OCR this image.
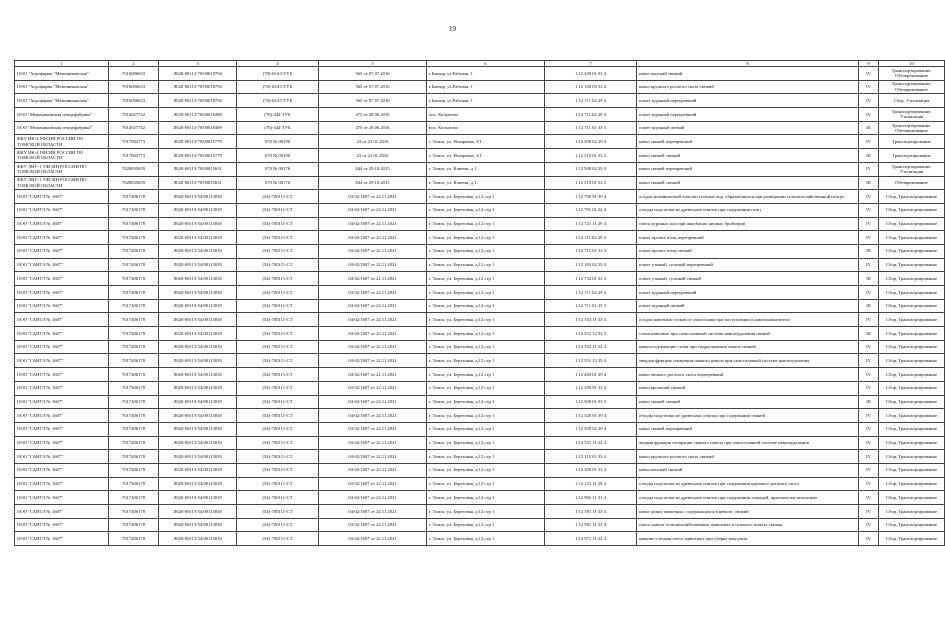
19
1	2	3	4	5	6	7	8	9	10
ООО "Агрофирма "Межениновская"	7016006633	Л020-00113-70/00018794	(70)-654-СТУБ	565 от 07.07.2016	г.Бакчар, ул.Рабочая, 1	1 12 200 01 33 4	навоз конский свежий	IV	Транспортирование, Обезвреживание
ООО "Агрофирма "Межениновская"	7016006633	Л020-00113-70/00018794	(70)-654-СТУБ	565 от 07.07.2016	г.Бакчар, ул.Рабочая, 1	1 12 100 03 33 4	навоз крупного рогатого скота свежий	IV	Транспортирование, Обезвреживание
ООО "Агрофирма "Межениновская"	7016006633	Л020-00113-70/00018794	(70)-654-СТУБ	565 от 07.07.2016	г.Бакчар, ул.Рабочая, 1	1 12 711 02 29 4	помет куриный перепревший	IV	Сбор, Утилизация
ООО "Межениновская птицефабрика"	7014027742	Л020-00113-70/00018489	(70)-444-ТУБ	475 от 28.06.2016	пос. Копылово	1 12 711 02 29 4	помет куриный перепревший	IV	Транспортирование, Утилизация
ООО "Межениновская птицефабрика"	7014027742	Л020-00113-70/00018489	(70)-444-ТУБ	475 от 28.06.2016	пос. Копылово	1 12 711 01 33 3	помет куриный свежий	III	Транспортирование, Обезвреживание
ФКУ ИК-4 УФСИН РОССИИ ПО ТОМСКОЙ ОБЛАСТИ	7017004773	Л020-00113-70/00015779	070 № 00190	23 от 21.01.2016	г. Томск, ул. Назаровка, 3/1	1 12 500 02 29 4	навоз свиней перепревший	IV	Транспортирование
ФКУ ИК-4 УФСИН РОССИИ ПО ТОМСКОЙ ОБЛАСТИ	7017004773	Л020-00113-70/00015779	070 № 00190	23 от 21.01.2016	г. Томск, ул. Назаровка, 3/1	1 12 510 01 33 3	навоз свиней свежий	III	Транспортирование
ФКУ ЛИУ-1 УФСИН РОССИИ ПО ТОМСКОЙ ОБЛАСТИ	7020035659	Л020-00113-70/00015631	070 № 00176	844 от 29.10.2015	г. Томск, ул. Клюева, д.1,	1 12 500 02 29 4	навоз свиней перепревший	IV	Транспортирование, Утилизация
ФКУ ЛИУ-1 УФСИН РОССИИ ПО ТОМСКОЙ ОБЛАСТИ	7020035659	Л020-00113-70/00015631	070 № 00176	844 от 29.10.2015	г. Томск, ул. Клюева, д.1,	1 12 510 01 33 3	навоз свиней свежий	III	Обезвреживание
ООО "САНТЭ № 1607"	7017406178	Л020-00113-54/00113818	(54)-700111-СТ	04-02/1607 от 22.11.2021	г. Томск, ул. Березовая, д.12 стр 1	1 12 790 91 39 4	осадок механической очистки сточных вод, образующихся при разведении сельскохозяйственной птицы	IV	Сбор, Транспортирование
ООО "САНТЭ № 1607"	7017406178	Л020-00113-54/00113818	(54)-700111-СТ	04-02/1607 от 22.11.2021	г. Томск, ул. Березовая, д.12 стр 1	1 12 791 01 22 4	отходы подстилки из древесных опилок при содержании птиц	IV	Сбор, Транспортирование
ООО "САНТЭ № 1607"	7017406178	Л020-00113-54/00113818	(54)-700111-СТ	04-02/1607 от 22.11.2021	г. Томск, ул. Березовая, д.12 стр 1	1 12 721 11 29 4	смесь куриных мох при инкубации яичных бройлеров	IV	Сбор, Транспортирование
ООО "САНТЭ № 1607"	7017406178	Л020-00113-54/00113818	(54)-700111-СТ	04-02/1607 от 22.11.2021	г. Томск, ул. Березовая, д.12 стр 1	1 12 111 02 29 4	помет прочих птиц перепревший	IV	Сбор, Транспортирование
ООО "САНТЭ № 1607"	7017406178	Л020-00113-54/00113818	(54)-700111-СТ	04-02/1607 от 22.11.2021	г. Томск, ул. Березовая, д.12 стр 1	1 12 715 01 33 3	помет прочих птиц свежий	III	Сбор, Транспортирование
ООО "САНТЭ № 1607"	7017406178	Л020-00113-54/00113818	(54)-700111-СТ	04-02/1607 от 22.11.2021	г. Томск, ул. Березовая, д.12 стр 1	1 12 103 02 29 4	помет утиный, гусиный перепревший	IV	Сбор, Транспортирование
ООО "САНТЭ № 1607"	7017406178	Л020-00113-54/00113818	(54)-700111-СТ	04-02/1607 от 22.11.2021	г. Томск, ул. Березовая, д.12 стр 1	1 12 732 01 33 3	помет утиный, гусиный свежий	III	Сбор, Транспортирование
ООО "САНТЭ № 1607"	7017406178	Л020-00113-54/00113818	(54)-700111-СТ	04-02/1607 от 22.11.2021	г. Томск, ул. Березовая, д.12 стр 1	1 12 711 02 29 4	помет куриный перепревший	IV	Сбор, Транспортирование
ООО "САНТЭ № 1607"	7017406178	Л020-00113-54/00113818	(54)-700111-СТ	04-02/1607 от 22.11.2021	г. Томск, ул. Березовая, д.12 стр 1	1 12 711 01 33 3	помет куриный свежий	III	Сбор, Транспортирование
ООО "САНТЭ № 1607"	7017406178	Л020-00113-54/00113818	(54)-700111-СТ	04-02/1607 от 22.11.2021	г. Томск, ул. Березовая, д.12 стр 1	1 12 553 11 33 4	осадок навозных стоков от самосплава при поступлении в навозонакопители	IV	Сбор, Транспортирование
ООО "САНТЭ № 1607"	7017406178	Л020-00113-54/00113818	(54)-700111-СТ	04-02/1607 от 22.11.2021	г. Томск, ул. Березовая, д.12 стр 1	1 12 552 12 32 3	стоки навозные при самосплавной системе навозоудаления свиней	III	Сбор, Транспортирование
ООО "САНТЭ № 1607"	7017406178	Л020-00113-54/00113818	(54)-700111-СТ	04-02/1607 от 22.11.2021	г. Томск, ул. Березовая, д.12 стр 1	1 12 552 11 22 4	навозосодержащие стоки при гидросмывном навозе свиней	IV	Сбор, Транспортирование
ООО "САНТЭ № 1607"	7017406178	Л020-00113-54/00113818	(54)-700111-СТ	04-02/1607 от 22.11.2021	г. Томск, ул. Березовая, д.12 стр 1	1 12 551 12 39 4	твердая фракция сепарации свиного навоза при самосплавной системе навозоудаления	IV	Сбор, Транспортирование
ООО "САНТЭ № 1607"	7017406178	Л020-00113-54/00113818	(54)-700111-СТ	04-02/1607 от 22.11.2021	г. Томск, ул. Березовая, д.12 стр 1	1 12 400 01 29 4	навоз мелкого рогатого скота перепревший	IV	Сбор, Транспортирование
ООО "САНТЭ № 1607"	7017406178	Л020-00113-54/00113818	(54)-700111-СТ	04-02/1607 от 22.11.2021	г. Томск, ул. Березовая, д.12 стр 1	1 12 300 91 33 4	навоз кроличий свежий	IV	Сбор, Транспортирование
ООО "САНТЭ № 1607"	7017406178	Л020-00113-54/00113818	(54)-700111-СТ	04-02/1607 от 22.11.2021	г. Томск, ул. Березовая, д.12 стр 1	1 12 500 01 33 3	навоз свиней свежий	III	Сбор, Транспортирование
ООО "САНТЭ № 1607"	7017406178	Л020-00113-54/00113818	(54)-700111-СТ	04-02/1607 от 22.11.2021	г. Томск, ул. Березовая, д.12 стр 1	1 12 520 01 39 4	отходы подстилки из древесных опилок при содержании свиней	IV	Сбор, Транспортирование
ООО "САНТЭ № 1607"	7017406178	Л020-00113-54/00113818	(54)-700111-СТ	04-02/1607 от 22.11.2021	г. Томск, ул. Березовая, д.12 стр 1	1 12 509 02 29 4	навоз свиней перепревший	IV	Сбор, Транспортирование
ООО "САНТЭ № 1607"	7017406178	Л020-00113-54/00113818	(54)-700111-СТ	04-02/1607 от 22.11.2021	г. Томск, ул. Березовая, д.12 стр 1	1 12 551 11 32 4	жидкая фракция сепарации свиного навоза при самосплавной системе навозоудаления	IV	Сбор, Транспортирование
ООО "САНТЭ № 1607"	7017406178	Л020-00113-54/00113818	(54)-700111-СТ	04-02/1607 от 22.11.2021	г. Томск, ул. Березовая, д.12 стр 1	1 12 110 01 33 4	навоз крупного рогатого скота свежий	IV	Сбор, Транспортирование
ООО "САНТЭ № 1607"	7017406178	Л020-00113-54/00113818	(54)-700111-СТ	04-02/1607 от 22.11.2021	г. Томск, ул. Березовая, д.12 стр 1	1 12 200 01 33 4	навоз конский свежий	IV	Сбор, Транспортирование
ООО "САНТЭ № 1607"	7017406178	Л020-00113-54/00113818	(54)-700111-СТ	04-02/1607 от 22.11.2021	г. Томск, ул. Березовая, д.12 стр 1	1 12 121 11 29 4	отходы подстилки из древесных опилок при содержании крупного рогатого скота	IV	Сбор, Транспортирование
ООО "САНТЭ № 1607"	7017406178	Л020-00113-54/00113818	(54)-700111-СТ	04-02/1607 от 22.11.2021	г. Томск, ул. Березовая, д.12 стр 1	1 12 902 11 31 4	отходы подстилки из древесных опилок при содержании лошадей, практически неопасные	IV	Сбор, Транспортирование
ООО "САНТЭ № 1607"	7017406178	Л020-00113-54/00113818	(54)-700111-СТ	04-02/1607 от 22.11.2021	г. Томск, ул. Березовая, д.12 стр 1	1 12 391 11 33 4	навоз диких животных, содержащихся в неволе, свежий	IV	Сбор, Транспортирование
ООО "САНТЭ № 1607"	7017406178	Л020-00113-54/00113818	(54)-700111-СТ	04-02/1607 от 22.11.2021	г. Томск, ул. Березовая, д.12 стр 1	1 12 981 11 33 4	смесь навоза сельскохозяйственных животных и птичьего помета свежая	IV	Сбор, Транспортирование
ООО "САНТЭ № 1607"	7017406178	Л020-00113-54/00113818	(54)-700111-СТ	04-02/1607 от 22.11.2021	г. Томск, ул. Березовая, д.12 стр 1	1 12 971 11 32 4	навозно-сточная смесь животных при уборке вакуумом	IV	Сбор, Транспортирование
